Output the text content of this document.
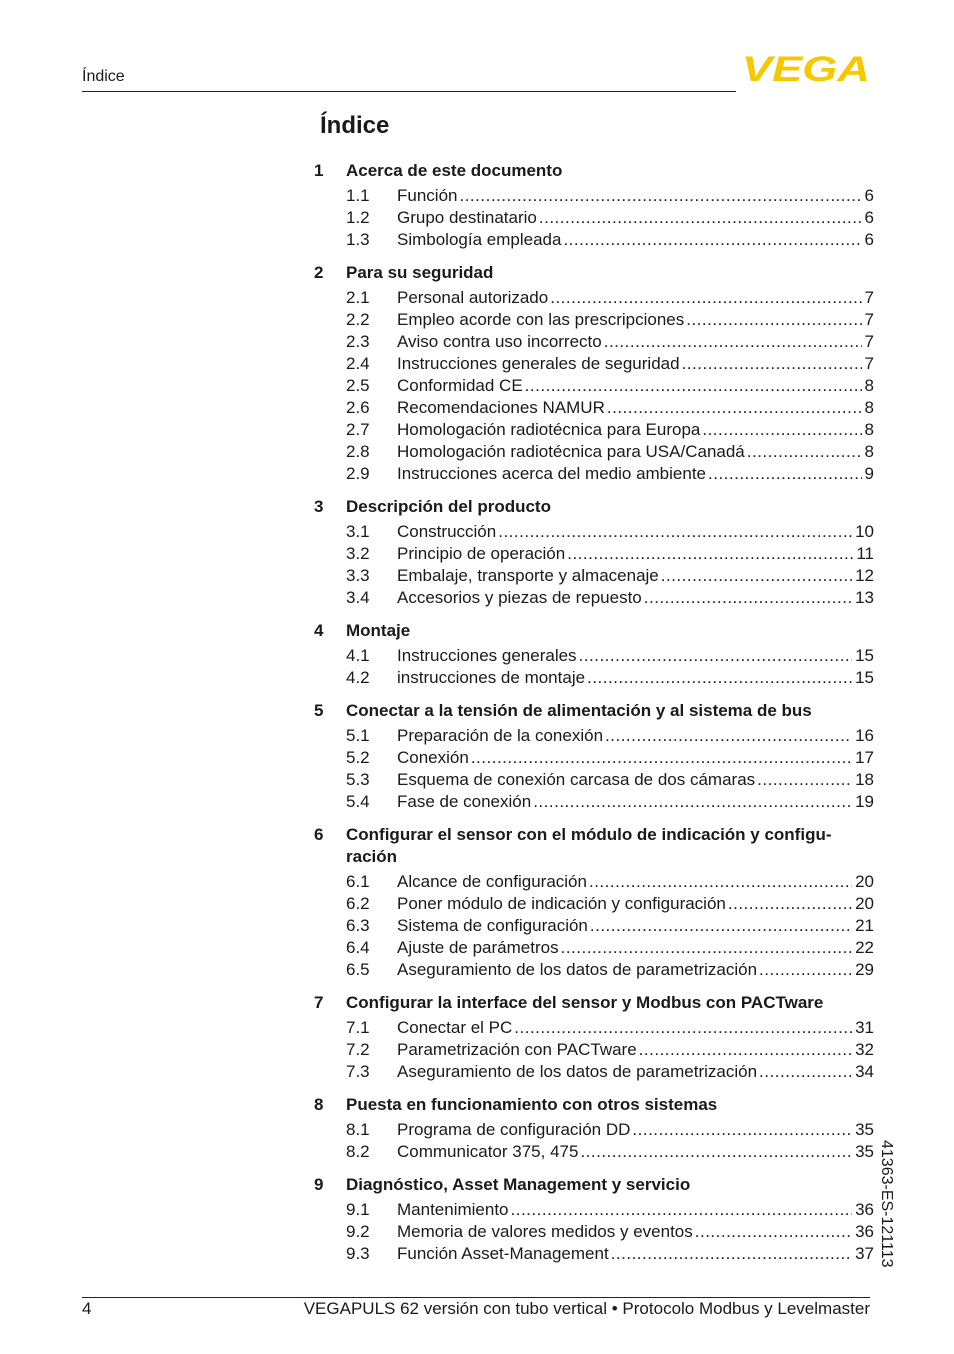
Índice	VEGA
Índice
1	Acerca de este documento
1.1	Función .....	6
1.2	Grupo destinatario .....	6
1.3	Simbología empleada .....	6
2	Para su seguridad
2.1	Personal autorizado .....	7
2.2	Empleo acorde con las prescripciones .....	7
2.3	Aviso contra uso incorrecto .....	7
2.4	Instrucciones generales de seguridad .....	7
2.5	Conformidad CE .....	8
2.6	Recomendaciones NAMUR .....	8
2.7	Homologación radiotécnica para Europa .....	8
2.8	Homologación radiotécnica para USA/Canadá .....	8
2.9	Instrucciones acerca del medio ambiente .....	9
3	Descripción del producto
3.1	Construcción .....	10
3.2	Principio de operación .....	11
3.3	Embalaje, transporte y almacenaje .....	12
3.4	Accesorios y piezas de repuesto .....	13
4	Montaje
4.1	Instrucciones generales .....	15
4.2	instrucciones de montaje .....	15
5	Conectar a la tensión de alimentación y al sistema de bus
5.1	Preparación de la conexión .....	16
5.2	Conexión .....	17
5.3	Esquema de conexión carcasa de dos cámaras .....	18
5.4	Fase de conexión .....	19
6	Configurar el sensor con el módulo de indicación y configu-ración
6.1	Alcance de configuración .....	20
6.2	Poner módulo de indicación y configuración .....	20
6.3	Sistema de configuración .....	21
6.4	Ajuste de parámetros .....	22
6.5	Aseguramiento de los datos de parametrización .....	29
7	Configurar la interface del sensor y Modbus con PACTware
7.1	Conectar el PC .....	31
7.2	Parametrización con PACTware .....	32
7.3	Aseguramiento de los datos de parametrización .....	34
8	Puesta en funcionamiento con otros sistemas
8.1	Programa de configuración DD .....	35
8.2	Communicator 375, 475 .....	35
9	Diagnóstico, Asset Management y servicio
9.1	Mantenimiento .....	36
9.2	Memoria de valores medidos y eventos .....	36
9.3	Función Asset-Management .....	37 41363-ES-121113
4	VEGAPULS 62 versión con tubo vertical • Protocolo Modbus y Levelmaster
